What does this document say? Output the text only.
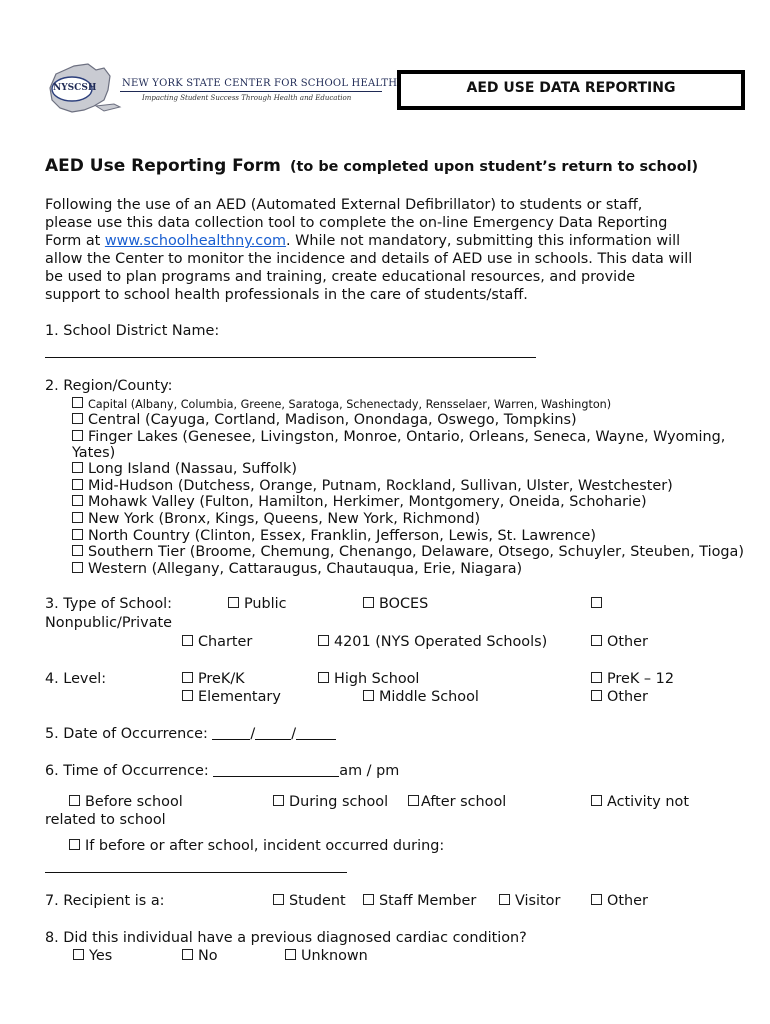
NYSCSH	NEW YORK STATE CENTER FOR SCHOOL HEALTH
Impacting Student Success Through Health and Education
AED USE DATA REPORTING
AED Use Reporting Form (to be completed upon student’s return to school)
Following the use of an AED (Automated External Defibrillator) to students or staff,
please use this data collection tool to complete the on-line Emergency Data Reporting
Form at www.schoolhealthny.com. While not mandatory, submitting this information will
allow the Center to monitor the incidence and details of AED use in schools. This data will
be used to plan programs and training, create educational resources, and provide
support to school health professionals in the care of students/staff.
1. School District Name:
2. Region/County:
Capital (Albany, Columbia, Greene, Saratoga, Schenectady, Rensselaer, Warren, Washington)
Central (Cayuga, Cortland, Madison, Onondaga, Oswego, Tompkins)
Finger Lakes (Genesee, Livingston, Monroe, Ontario, Orleans, Seneca, Wayne, Wyoming,
Yates)
Long Island (Nassau, Suffolk)
Mid-Hudson (Dutchess, Orange, Putnam, Rockland, Sullivan, Ulster, Westchester)
Mohawk Valley (Fulton, Hamilton, Herkimer, Montgomery, Oneida, Schoharie)
New York (Bronx, Kings, Queens, New York, Richmond)
North Country (Clinton, Essex, Franklin, Jefferson, Lewis, St. Lawrence)
Southern Tier (Broome, Chemung, Chenango, Delaware, Otsego, Schuyler, Steuben, Tioga)
Western (Allegany, Cattaraugus, Chautauqua, Erie, Niagara)
3. Type of School:	Public	BOCES
Nonpublic/Private
Charter	4201 (NYS Operated Schools)	Other
4. Level:	PreK/K	High School	PreK – 12
Elementary	Middle School	Other
5. Date of Occurrence:	/	/
6. Time of Occurrence:	am / pm
Before school	During school	After school	Activity not
related to school
If before or after school, incident occurred during:
7. Recipient is a:	Student	Staff Member	Visitor	Other
8. Did this individual have a previous diagnosed cardiac condition?
Yes	No	Unknown
